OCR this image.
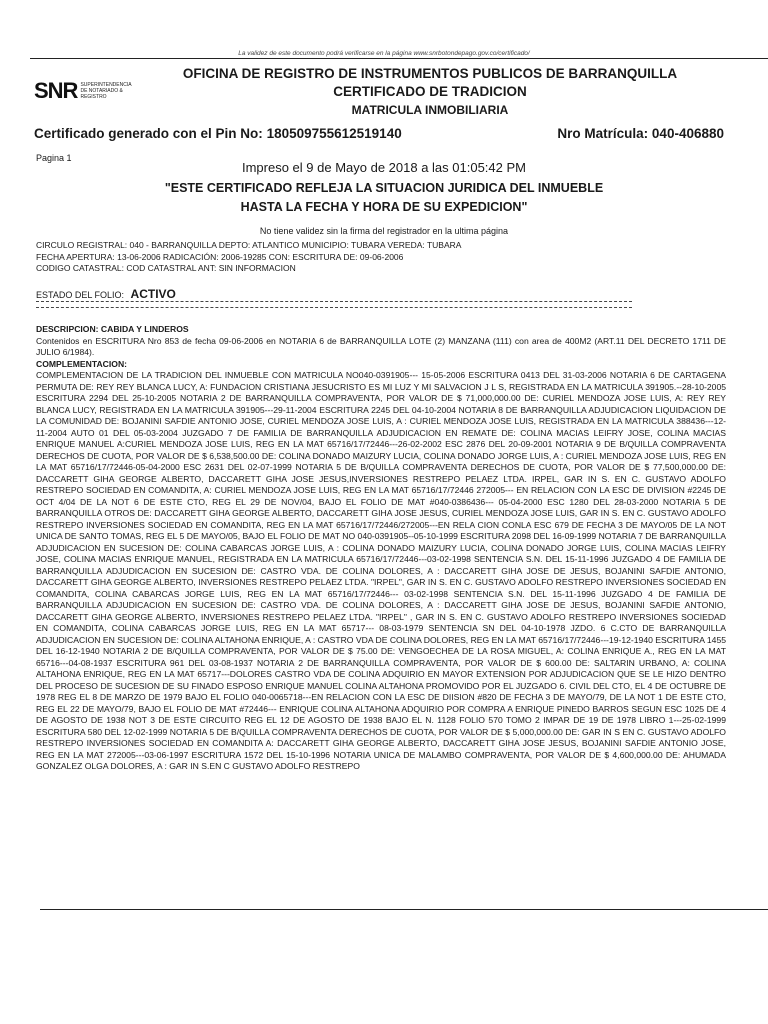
La validez de este documento podrá verificarse en la página www.snrbotondepago.gov.co/certificado/
SNR SUPERINTENDENCIA DE NOTARIADO & REGISTRO
OFICINA DE REGISTRO DE INSTRUMENTOS PUBLICOS DE BARRANQUILLA
CERTIFICADO DE TRADICION
MATRICULA INMOBILIARIA
Certificado generado con el Pin No: 180509755612519140	Nro Matrícula: 040-406880
Pagina 1
Impreso el 9 de Mayo de 2018 a las 01:05:42 PM
"ESTE CERTIFICADO REFLEJA LA SITUACION JURIDICA DEL INMUEBLE
HASTA LA FECHA Y HORA DE SU EXPEDICION"
No tiene validez sin la firma del registrador en la ultima página
CIRCULO REGISTRAL: 040 - BARRANQUILLA DEPTO: ATLANTICO MUNICIPIO: TUBARA VEREDA: TUBARA
FECHA APERTURA: 13-06-2006 RADICACIÓN: 2006-19285 CON: ESCRITURA DE: 09-06-2006
CODIGO CATASTRAL: COD CATASTRAL ANT: SIN INFORMACION
ESTADO DEL FOLIO: ACTIVO
DESCRIPCION: CABIDA Y LINDEROS
Contenidos en ESCRITURA Nro 853 de fecha 09-06-2006 en NOTARIA 6 de BARRANQUILLA LOTE (2) MANZANA (111) con area de 400M2 (ART.11 DEL DECRETO 1711 DE JULIO 6/1984).
COMPLEMENTACION:
COMPLEMENTACION DE LA TRADICION DEL INMUEBLE CON MATRICULA NO040-0391905--- 15-05-2006 ESCRITURA 0413 DEL 31-03-2006 NOTARIA 6 DE CARTAGENA PERMUTA DE: REY REY BLANCA LUCY, A: FUNDACION CRISTIANA JESUCRISTO ES MI LUZ Y MI SALVACION J L S, REGISTRADA EN LA MATRICULA 391905.--28-10-2005 ESCRITURA 2294 DEL 25-10-2005 NOTARIA 2 DE BARRANQUILLA COMPRAVENTA, POR VALOR DE $ 71,000,000.00 DE: CURIEL MENDOZA JOSE LUIS, A: REY REY BLANCA LUCY, REGISTRADA EN LA MATRICULA 391905---29-11-2004 ESCRITURA 2245 DEL 04-10-2004 NOTARIA 8 DE BARRANQUILLA ADJUDICACION LIQUIDACION DE LA COMUNIDAD DE: BOJANINI SAFDIE ANTONIO JOSE, CURIEL MENDOZA JOSE LUIS, A : CURIEL MENDOZA JOSE LUIS, REGISTRADA EN LA MATRICULA 388436---12-11-2004 AUTO 01 DEL 05-03-2004 JUZGADO 7 DE FAMILIA DE BARRANQUILLA ADJUDICACION EN REMATE DE: COLINA MACIAS LEIFRY JOSE, COLINA MACIAS ENRIQUE MANUEL A:CURIEL MENDOZA JOSE LUIS, REG EN LA MAT 65716/17/72446---26-02-2002 ESC 2876 DEL 20-09-2001 NOTARIA 9 DE B/QUILLA COMPRAVENTA DERECHOS DE CUOTA, POR VALOR DE $ 6,538,500.00 DE: COLINA DONADO MAIZURY LUCIA, COLINA DONADO JORGE LUIS, A : CURIEL MENDOZA JOSE LUIS, REG EN LA MAT 65716/17/72446-05-04-2000 ESC 2631 DEL 02-07-1999 NOTARIA 5 DE B/QUILLA COMPRAVENTA DERECHOS DE CUOTA, POR VALOR DE $ 77,500,000.00 DE: DACCARETT GIHA GEORGE ALBERTO, DACCARETT GIHA JOSE JESUS,INVERSIONES RESTREPO PELAEZ LTDA. IRPEL, GAR IN S. EN C. GUSTAVO ADOLFO RESTREPO SOCIEDAD EN COMANDITA, A: CURIEL MENDOZA JOSE LUIS, REG EN LA MAT 65716/17/72446 272005--- EN RELACION CON LA ESC DE DIVISION #2245 DE OCT 4/04 DE LA NOT 6 DE ESTE CTO, REG EL 29 DE NOV/04, BAJO EL FOLIO DE MAT #040-0386436--- 05-04-2000 ESC 1280 DEL 28-03-2000 NOTARIA 5 DE BARRANQUILLA OTROS DE: DACCARETT GIHA GEORGE ALBERTO, DACCARETT GIHA JOSE JESUS, CURIEL MENDOZA JOSE LUIS, GAR IN S. EN C. GUSTAVO ADOLFO RESTREPO INVERSIONES SOCIEDAD EN COMANDITA, REG EN LA MAT 65716/17/72446/272005---EN RELA CION CONLA ESC 679 DE FECHA 3 DE MAYO/05 DE LA NOT UNICA DE SANTO TOMAS, REG EL 5 DE MAYO/05, BAJO EL FOLIO DE MAT NO 040-0391905--05-10-1999 ESCRITURA 2098 DEL 16-09-1999 NOTARIA 7 DE BARRANQUILLA ADJUDICACION EN SUCESION DE: COLINA CABARCAS JORGE LUIS, A : COLINA DONADO MAIZURY LUCIA, COLINA DONADO JORGE LUIS, COLINA MACIAS LEIFRY JOSE, COLINA MACIAS ENRIQUE MANUEL, REGISTRADA EN LA MATRICULA 65716/17/72446---03-02-1998 SENTENCIA S.N. DEL 15-11-1996 JUZGADO 4 DE FAMILIA DE BARRANQUILLA ADJUDICACION EN SUCESION DE: CASTRO VDA. DE COLINA DOLORES, A : DACCARETT GIHA JOSE DE JESUS, BOJANINI SAFDIE ANTONIO, DACCARETT GIHA GEORGE ALBERTO, INVERSIONES RESTREPO PELAEZ LTDA. "IRPEL", GAR IN S. EN C. GUSTAVO ADOLFO RESTREPO INVERSIONES SOCIEDAD EN COMANDITA, COLINA CABARCAS JORGE LUIS, REG EN LA MAT 65716/17/72446--- 03-02-1998 SENTENCIA S.N. DEL 15-11-1996 JUZGADO 4 DE FAMILIA DE BARRANQUILLA ADJUDICACION EN SUCESION DE: CASTRO VDA. DE COLINA DOLORES, A : DACCARETT GIHA JOSE DE JESUS, BOJANINI SAFDIE ANTONIO, DACCARETT GIHA GEORGE ALBERTO, INVERSIONES RESTREPO PELAEZ LTDA. "IRPEL" , GAR IN S. EN C. GUSTAVO ADOLFO RESTREPO INVERSIONES SOCIEDAD EN COMANDITA, COLINA CABARCAS JORGE LUIS, REG EN LA MAT 65717--- 08-03-1979 SENTENCIA SN DEL 04-10-1978 JZDO. 6 C.CTO DE BARRANQUILLA ADJUDICACION EN SUCESION DE: COLINA ALTAHONA ENRIQUE, A : CASTRO VDA DE COLINA DOLORES, REG EN LA MAT 65716/17/72446---19-12-1940 ESCRITURA 1455 DEL 16-12-1940 NOTARIA 2 DE B/QUILLA COMPRAVENTA, POR VALOR DE $ 75.00 DE: VENGOECHEA DE LA ROSA MIGUEL, A: COLINA ENRIQUE A., REG EN LA MAT 65716---04-08-1937 ESCRITURA 961 DEL 03-08-1937 NOTARIA 2 DE BARRANQUILLA COMPRAVENTA, POR VALOR DE $ 600.00 DE: SALTARIN URBANO, A: COLINA ALTAHONA ENRIQUE, REG EN LA MAT 65717---DOLORES CASTRO VDA DE COLINA ADQUIRIO EN MAYOR EXTENSION POR ADJUDICACION QUE SE LE HIZO DENTRO DEL PROCESO DE SUCESION DE SU FINADO ESPOSO ENRIQUE MANUEL COLINA ALTAHONA PROMOVIDO POR EL JUZGADO 6. CIVIL DEL CTO, EL 4 DE OCTUBRE DE 1978 REG EL 8 DE MARZO DE 1979 BAJO EL FOLIO 040-0065718---EN RELACION CON LA ESC DE DIISION #820 DE FECHA 3 DE MAYO/79, DE LA NOT 1 DE ESTE CTO, REG EL 22 DE MAYO/79, BAJO EL FOLIO DE MAT #72446--- ENRIQUE COLINA ALTAHONA ADQUIRIO POR COMPRA A ENRIQUE PINEDO BARROS SEGUN ESC 1025 DE 4 DE AGOSTO DE 1938 NOT 3 DE ESTE CIRCUITO REG EL 12 DE AGOSTO DE 1938 BAJO EL N. 1128 FOLIO 570 TOMO 2 IMPAR DE 19 DE 1978 LIBRO 1---25-02-1999 ESCRITURA 580 DEL 12-02-1999 NOTARIA 5 DE B/QUILLA COMPRAVENTA DERECHOS DE CUOTA, POR VALOR DE $ 5,000,000.00 DE: GAR IN S EN C. GUSTAVO ADOLFO RESTREPO INVERSIONES SOCIEDAD EN COMANDITA A: DACCARETT GIHA GEORGE ALBERTO, DACCARETT GIHA JOSE JESUS, BOJANINI SAFDIE ANTONIO JOSE, REG EN LA MAT 272005---03-06-1997 ESCRITURA 1572 DEL 15-10-1996 NOTARIA UNICA DE MALAMBO COMPRAVENTA, POR VALOR DE $ 4,600,000.00 DE: AHUMADA GONZALEZ OLGA DOLORES, A : GAR IN S.EN C GUSTAVO ADOLFO RESTREPO
